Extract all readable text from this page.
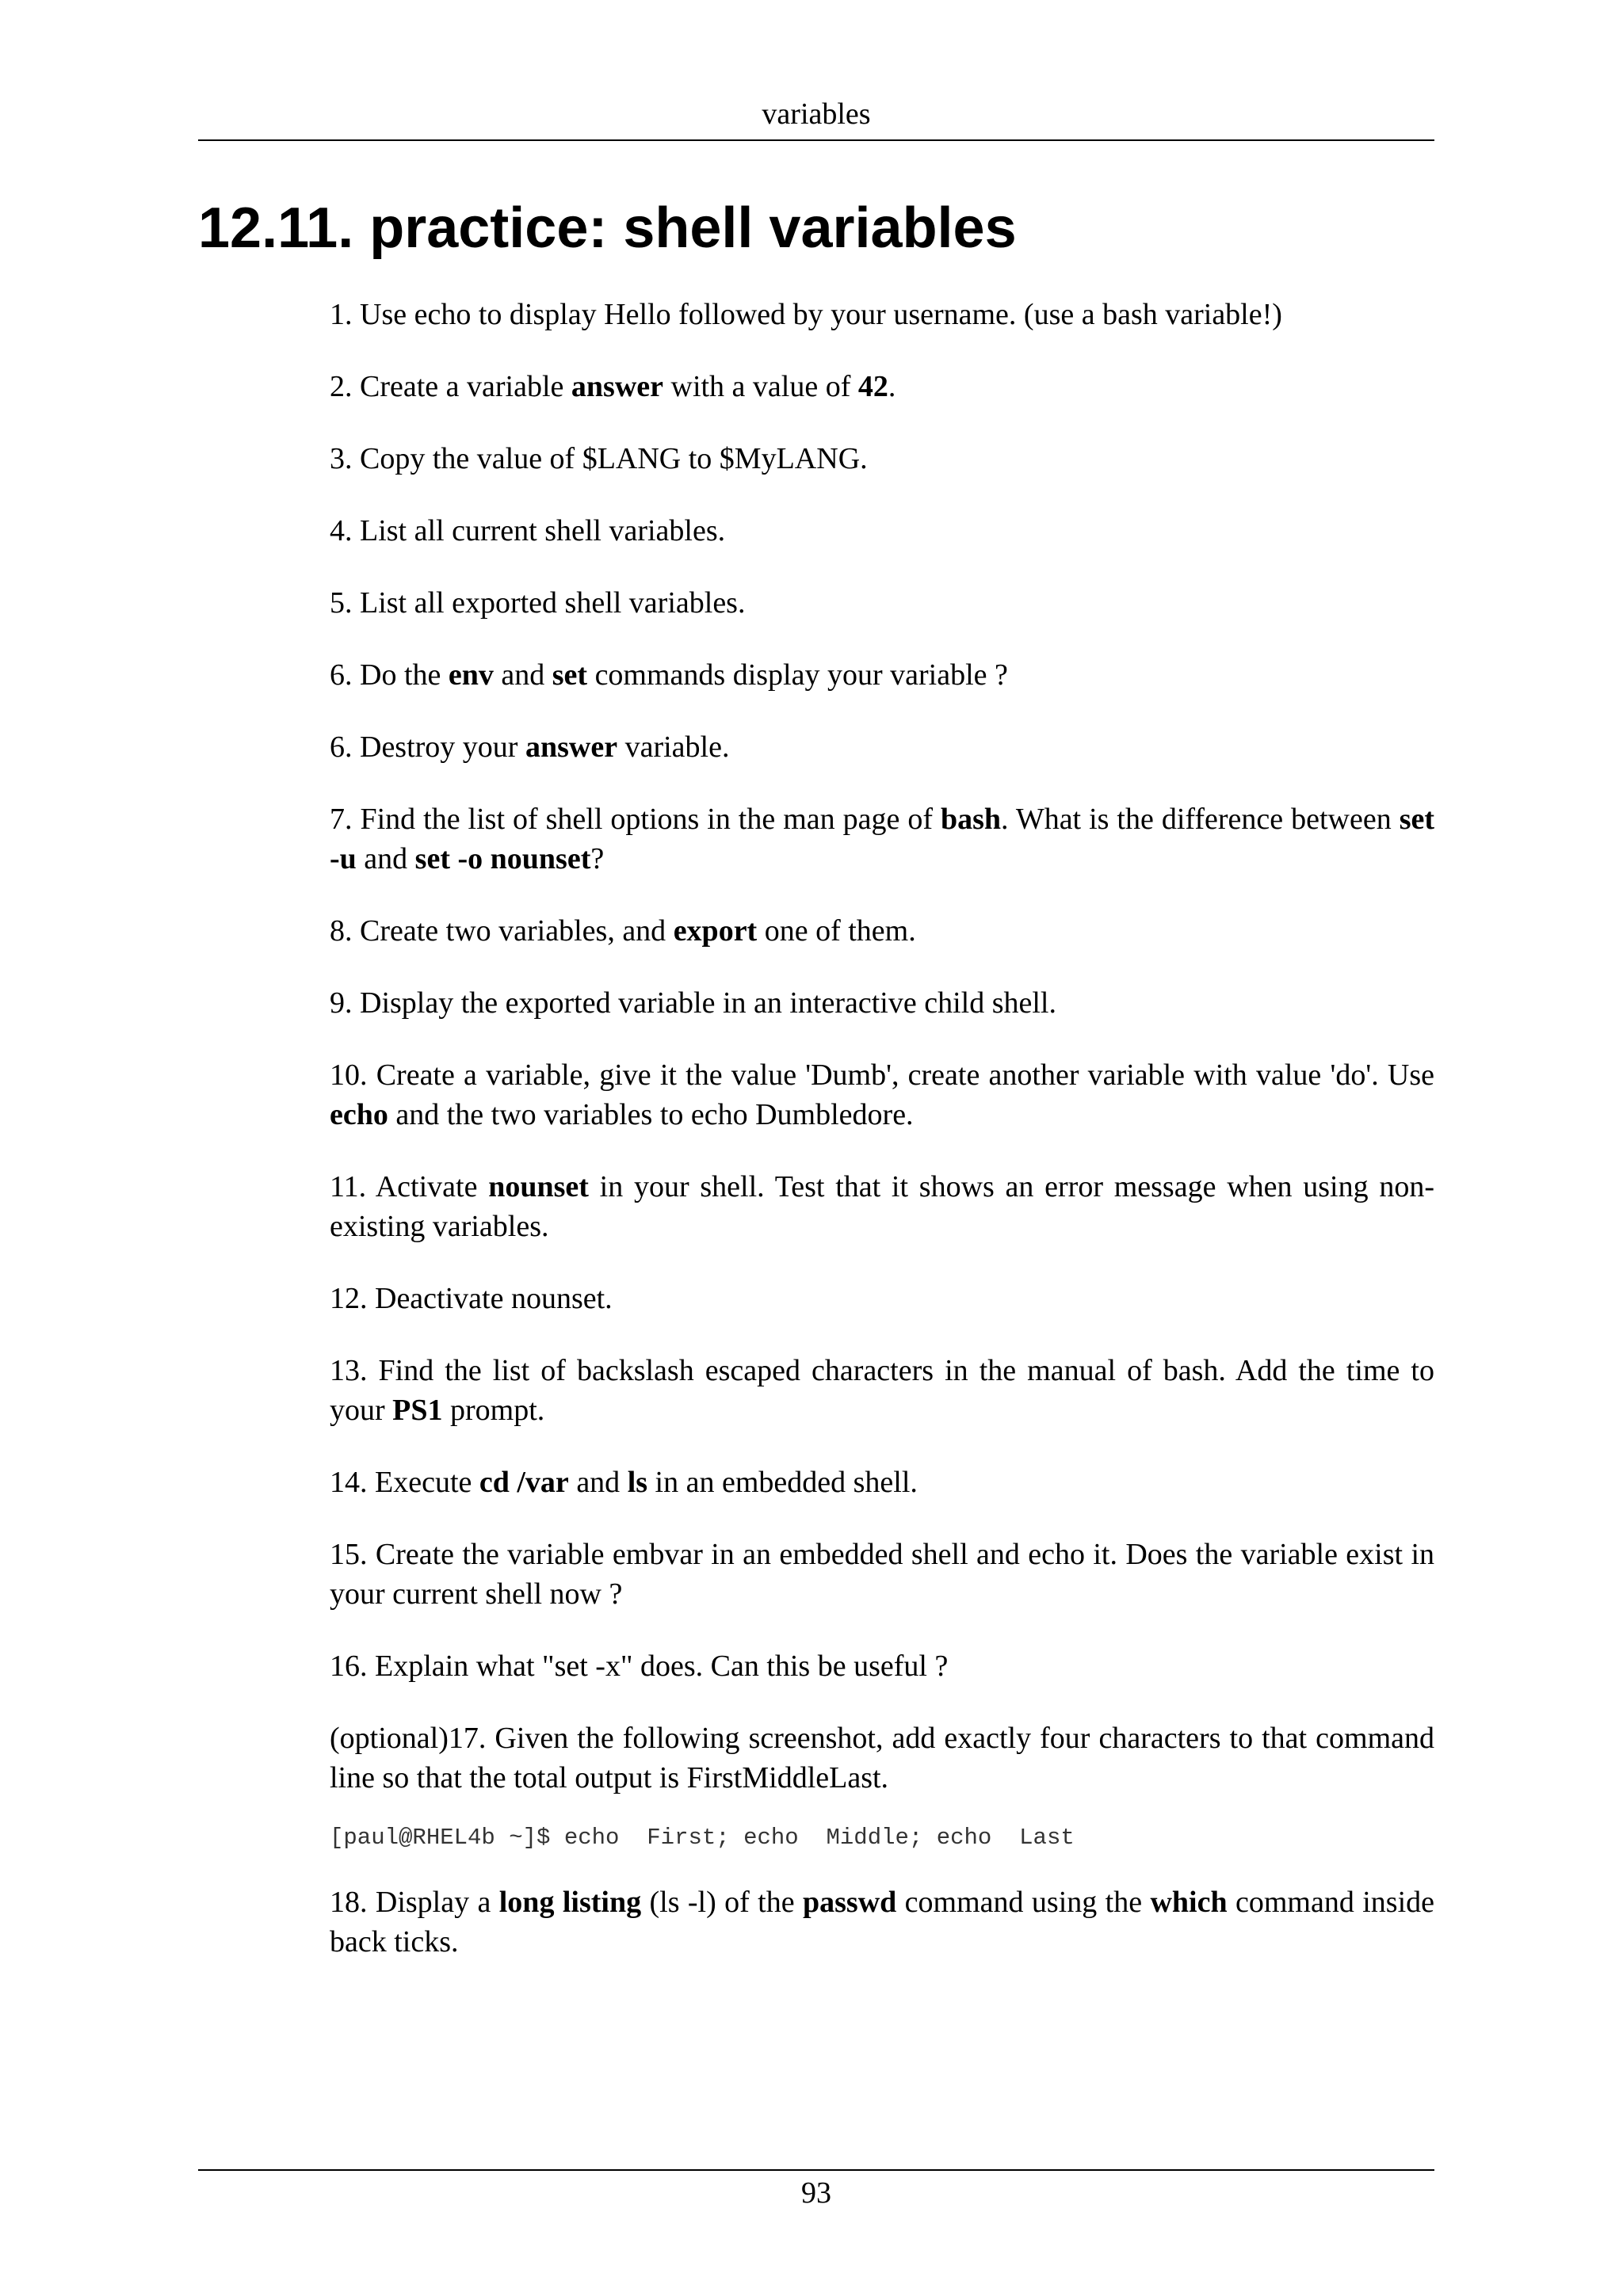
variables
12.11. practice: shell variables

1. Use echo to display Hello followed by your username. (use a bash variable!)

2. Create a variable answer with a value of 42.

3. Copy the value of $LANG to $MyLANG.

4. List all current shell variables.

5. List all exported shell variables.

6. Do the env and set commands display your variable ?

6. Destroy your answer variable.

7. Find the list of shell options in the man page of bash. What is the difference between set -u and set -o nounset?

8. Create two variables, and export one of them.

9. Display the exported variable in an interactive child shell.

10. Create a variable, give it the value 'Dumb', create another variable with value 'do'. Use echo and the two variables to echo Dumbledore.

11. Activate nounset in your shell. Test that it shows an error message when using non-existing variables.

12. Deactivate nounset.

13. Find the list of backslash escaped characters in the manual of bash. Add the time to your PS1 prompt.

14. Execute cd /var and ls in an embedded shell.

15. Create the variable embvar in an embedded shell and echo it. Does the variable exist in your current shell now ?

16. Explain what "set -x" does. Can this be useful ?

(optional)17. Given the following screenshot, add exactly four characters to that command line so that the total output is FirstMiddleLast.

[paul@RHEL4b ~]$ echo  First; echo  Middle; echo  Last

18. Display a long listing (ls -l) of the passwd command using the which command inside back ticks.

93
